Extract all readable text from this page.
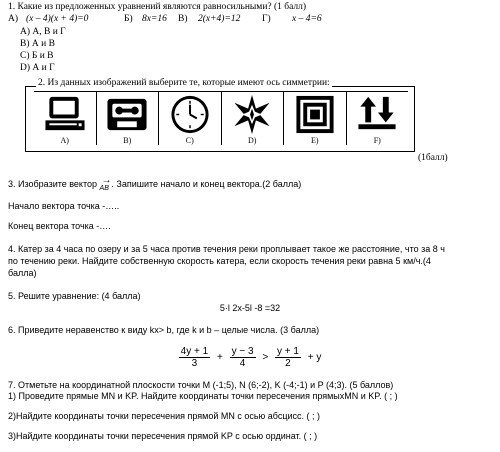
1. Какие из предложенных уравнений являются равносильными? (1 балл)
А) (x – 4)(x + 4)=0	Б) 8x=16 В) 2(x+4)=12 Г) x – 4=6
А) А, В и Г
В) А и В
С) Б и В
D) А и Г
2. Из данных изображений выберите те, которые имеют ось симметрии:
A)	B)	C)	D)	E)	F)
(1балл)
3. Изобразите вектор → AB . Запишите начало и конец вектора.(2 балла)
Начало вектора точка -…..
Конец вектора точка -….
4. Катер за 4 часа по озеру и за 5 часа против течения реки проплывает такое же расстояние, что за 8 ч
по течению реки. Найдите собственную скорость катера, если скорость течения реки равна 5 км/ч.(4
балла)
5. Решите уравнение: (4 балла)
5·l 2x-5l -8 =32
6. Приведите неравенство к виду kx> b, где k и b – целые числа. (3 балла)
$\frac{4y + 1}{3} + \frac{y - 3}{4} > \frac{y + 1}{2} + y$
7. Отметьте на координатной плоскости точки M (-1;5), N (6;-2), K (-4;-1) и P (4;3). (5 баллов)
1) Проведите прямые MN и KP. Найдите координаты точки пересечения прямыхMN и KP. ( ; )
2)Найдите координаты точки пересечения прямой MN с осью абсцисс. ( ; )
3)Найдите координаты точки пересечения прямой KP с осью ординат. ( ; )
